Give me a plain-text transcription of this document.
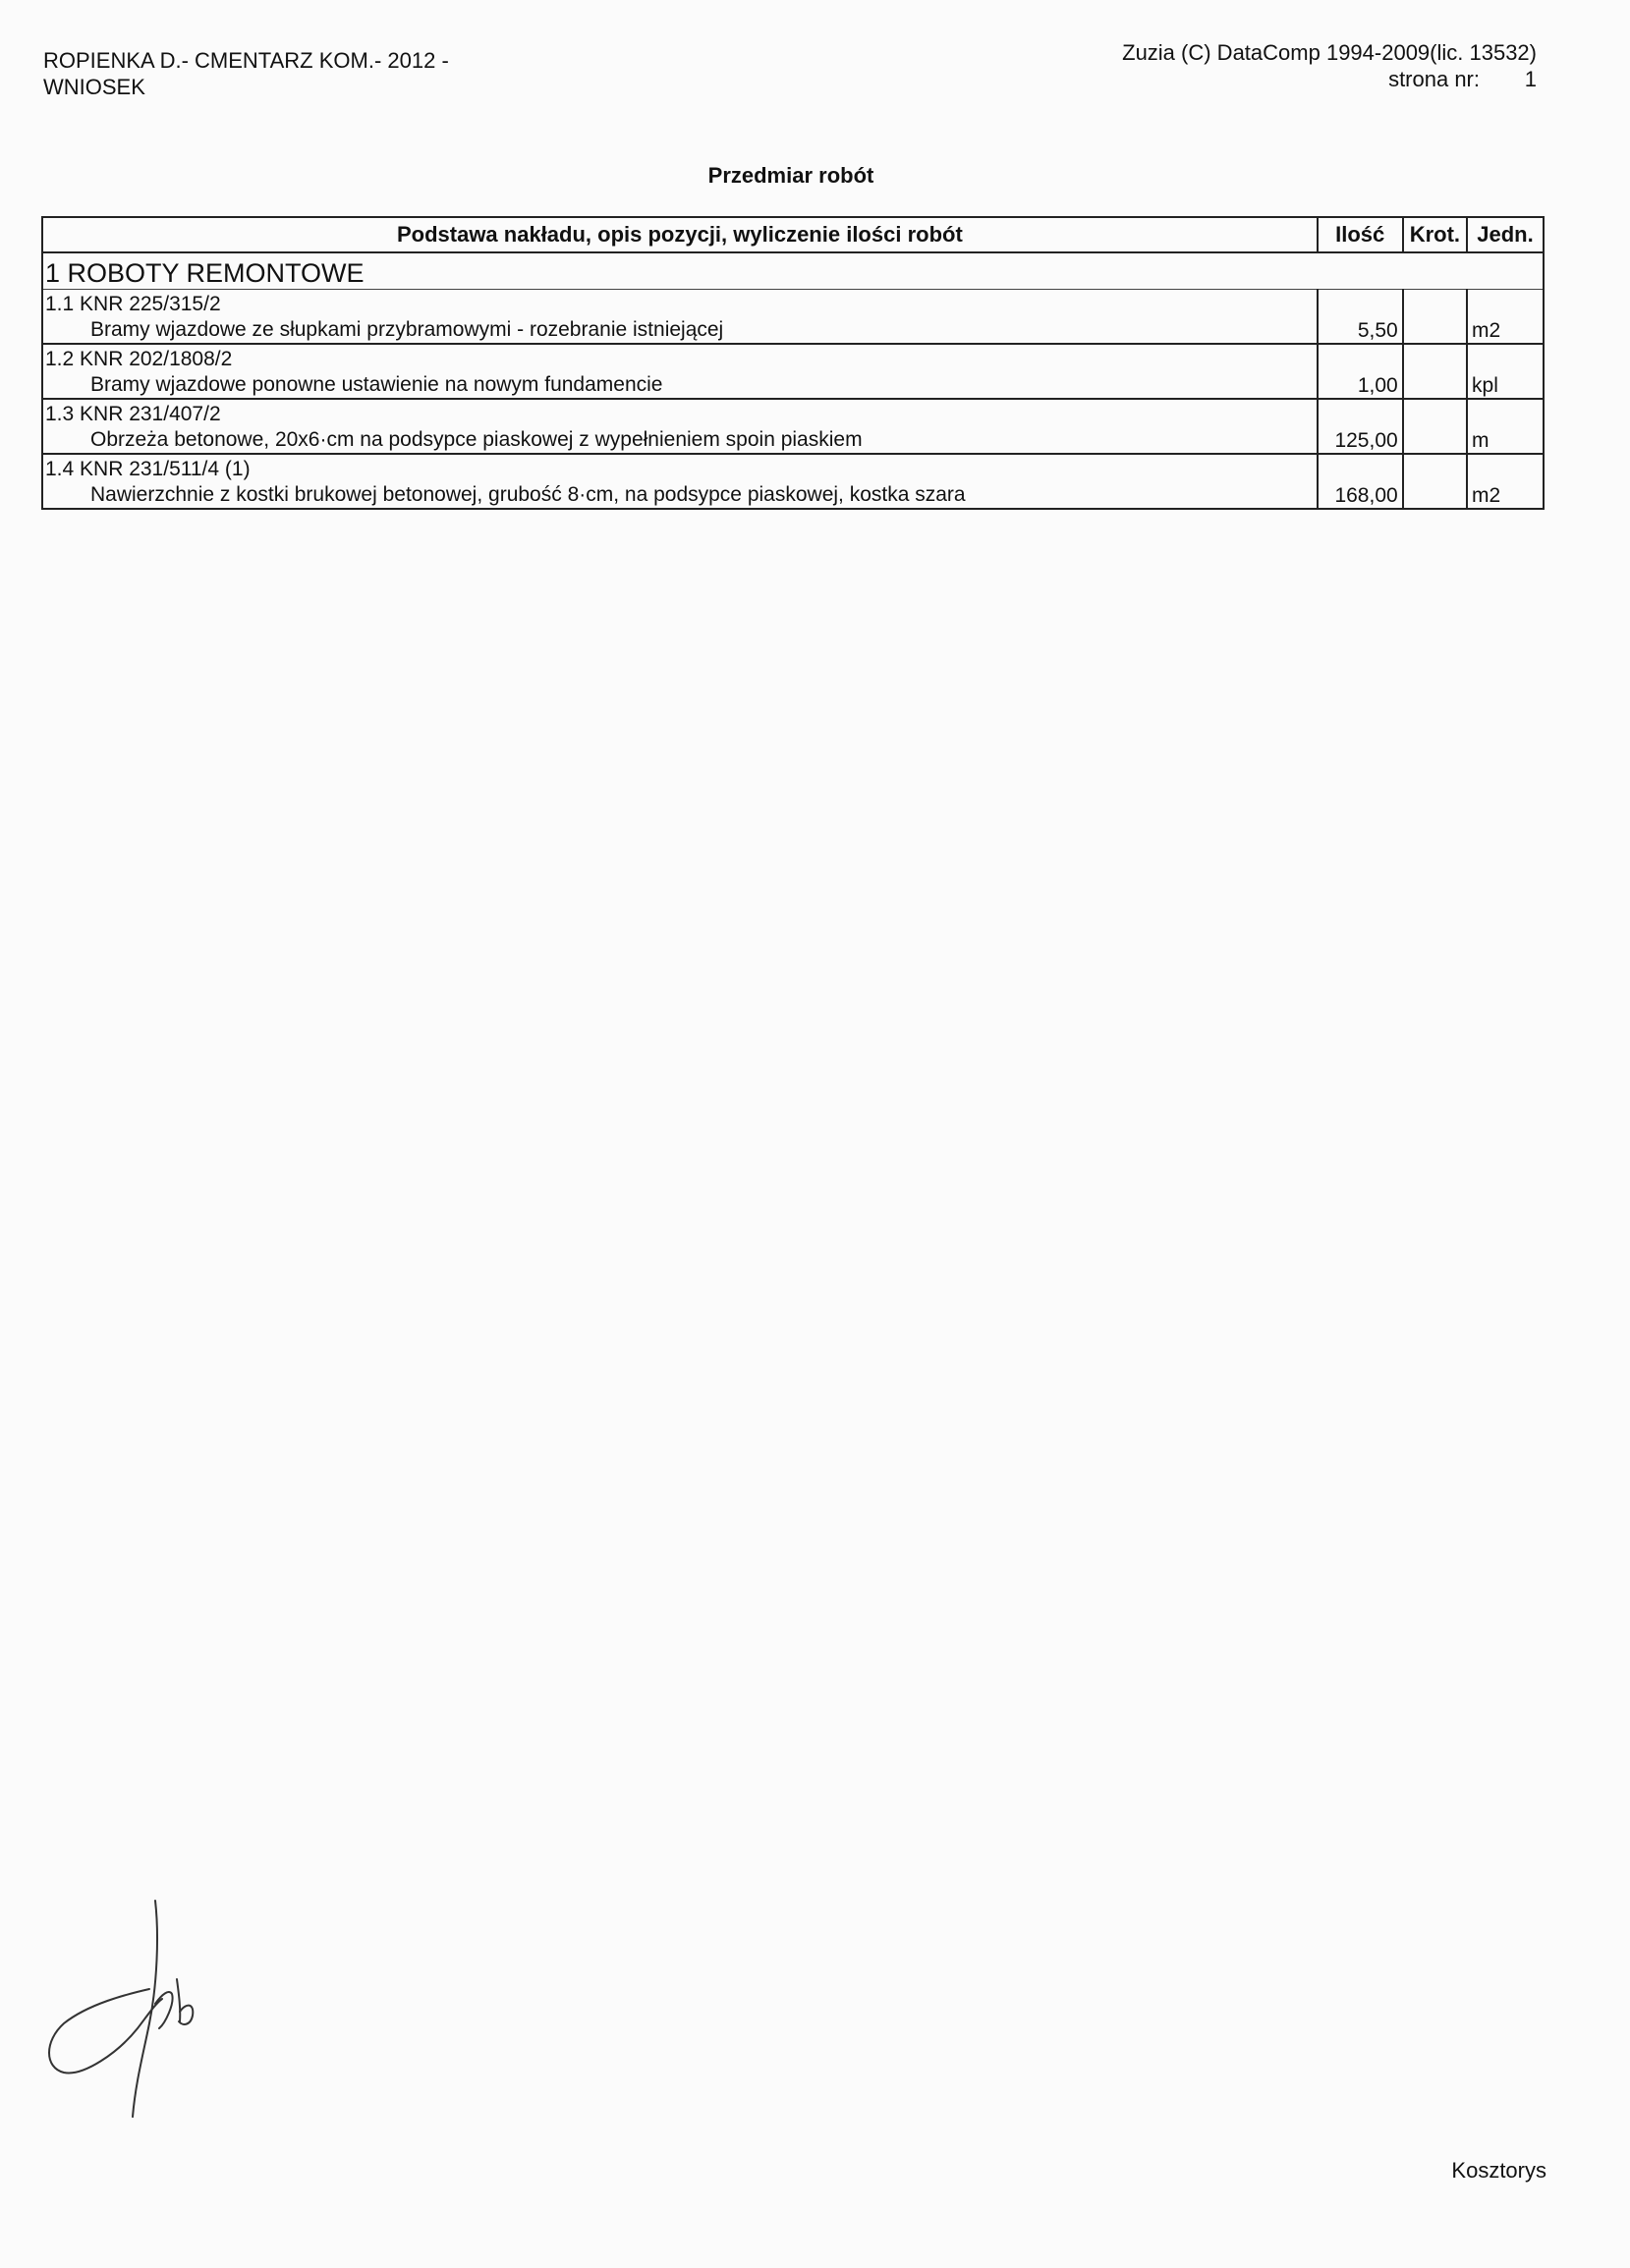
ROPIENKA D.- CMENTARZ KOM.- 2012 -
WNIOSEK
Zuzia (C) DataComp 1994-2009(lic. 13532)
strona nr: 1
Przedmiar robót
Podstawa nakładu, opis pozycji, wyliczenie ilości robót	Ilość	Krot.	Jedn.
1 ROBOTY REMONTOWE			
1.1 KNR 225/315/2
Bramy wjazdowe ze słupkami przybramowymi - rozebranie istniejącej	5,50		m2
1.2 KNR 202/1808/2
Bramy wjazdowe ponowne ustawienie na nowym fundamencie	1,00		kpl
1.3 KNR 231/407/2
Obrzeża betonowe, 20x6·cm na podsypce piaskowej z wypełnieniem spoin piaskiem	125,00		m
1.4 KNR 231/511/4 (1)
Nawierzchnie z kostki brukowej betonowej, grubość 8·cm, na podsypce piaskowej, kostka szara	168,00		m2
Kosztorys
